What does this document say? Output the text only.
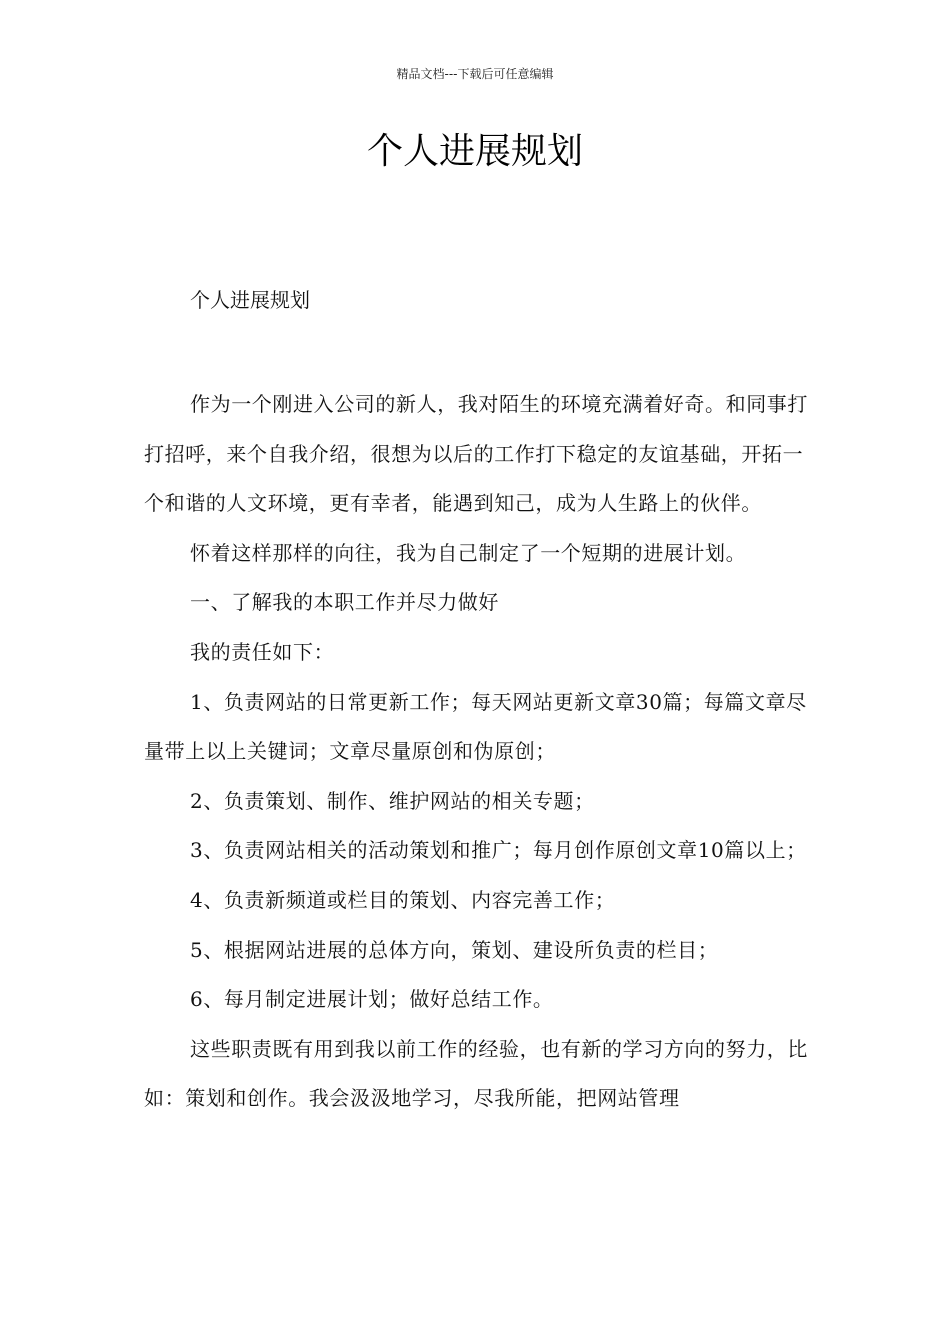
精品文档---下载后可任意编辑
个人进展规划

个人进展规划

作为一个刚进入公司的新人，我对陌生的环境充满着好奇。和同事打打招呼，来个自我介绍，很想为以后的工作打下稳定的友谊基础，开拓一个和谐的人文环境，更有幸者，能遇到知己，成为人生路上的伙伴。

怀着这样那样的向往，我为自己制定了一个短期的进展计划。

一、了解我的本职工作并尽力做好

我的责任如下：

1、负责网站的日常更新工作；每天网站更新文章30篇；每篇文章尽量带上以上关键词；文章尽量原创和伪原创；

2、负责策划、制作、维护网站的相关专题；

3、负责网站相关的活动策划和推广；每月创作原创文章10篇以上；

4、负责新频道或栏目的策划、内容完善工作；

5、根据网站进展的总体方向，策划、建设所负责的栏目；

6、每月制定进展计划；做好总结工作。

这些职责既有用到我以前工作的经验，也有新的学习方向的努力，比如：策划和创作。我会汲汲地学习，尽我所能，把网站管理
